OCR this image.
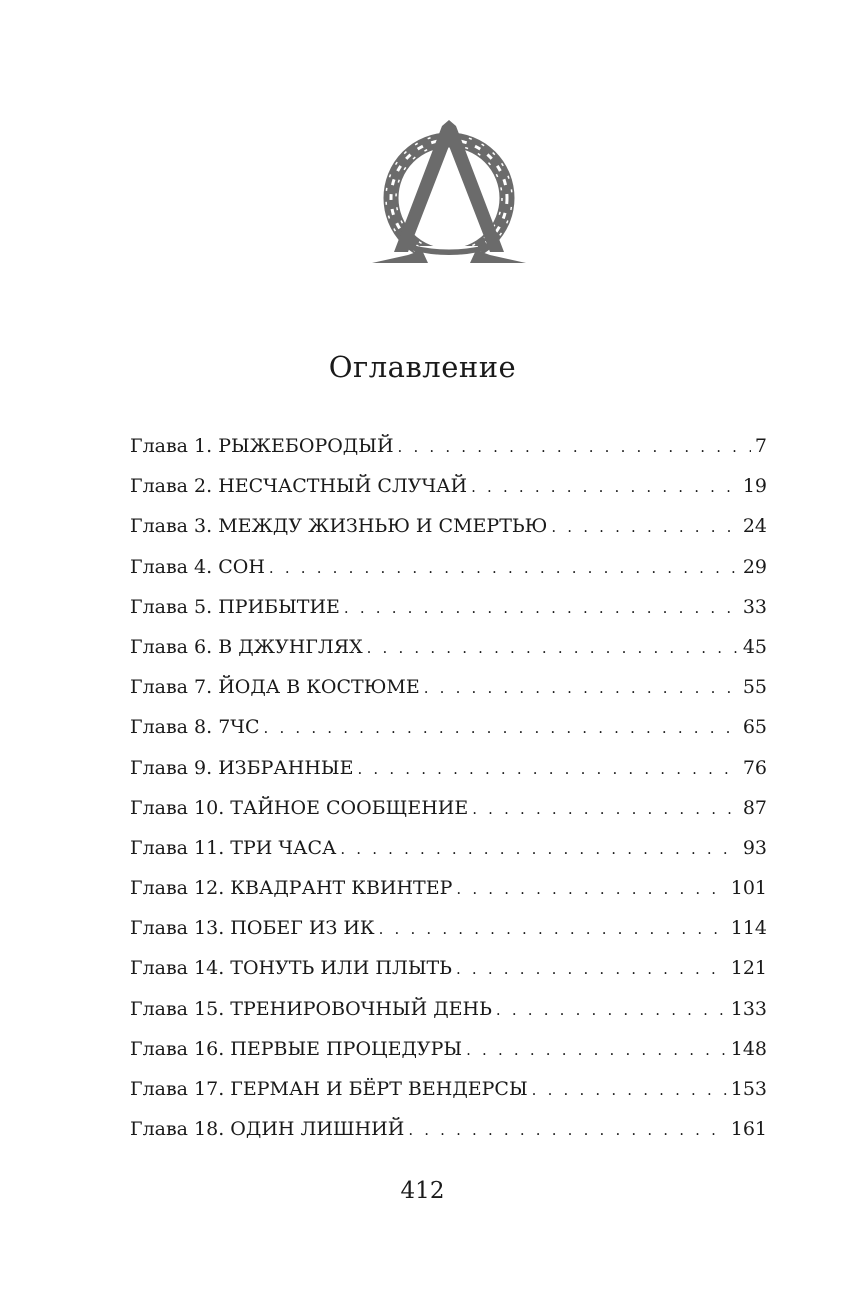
Оглавление
Глава 1. РЫЖЕБОРОДЫЙ . . .	7
Глава 2. НЕСЧАСТНЫЙ СЛУЧАЙ . . .	19
Глава 3. МЕЖДУ ЖИЗНЬЮ И СМЕРТЬЮ . . .	24
Глава 4. СОН . . .	29
Глава 5. ПРИБЫТИЕ . . .	33
Глава 6. В ДЖУНГЛЯХ . . .	45
Глава 7. ЙОДА В КОСТЮМЕ . . .	55
Глава 8. 7ЧС . . .	65
Глава 9. ИЗБРАННЫЕ . . .	76
Глава 10. ТАЙНОЕ СООБЩЕНИЕ . . .	87
Глава 11. ТРИ ЧАСА . . .	93
Глава 12. КВАДРАНТ КВИНТЕР . . .	101
Глава 13. ПОБЕГ ИЗ ИК . . .	114
Глава 14. ТОНУТЬ ИЛИ ПЛЫТЬ . . .	121
Глава 15. ТРЕНИРОВОЧНЫЙ ДЕНЬ . . .	133
Глава 16. ПЕРВЫЕ ПРОЦЕДУРЫ . . .	148
Глава 17. ГЕРМАН И БЁРТ ВЕНДЕРСЫ . . .	153
Глава 18. ОДИН ЛИШНИЙ . . .	161
412
